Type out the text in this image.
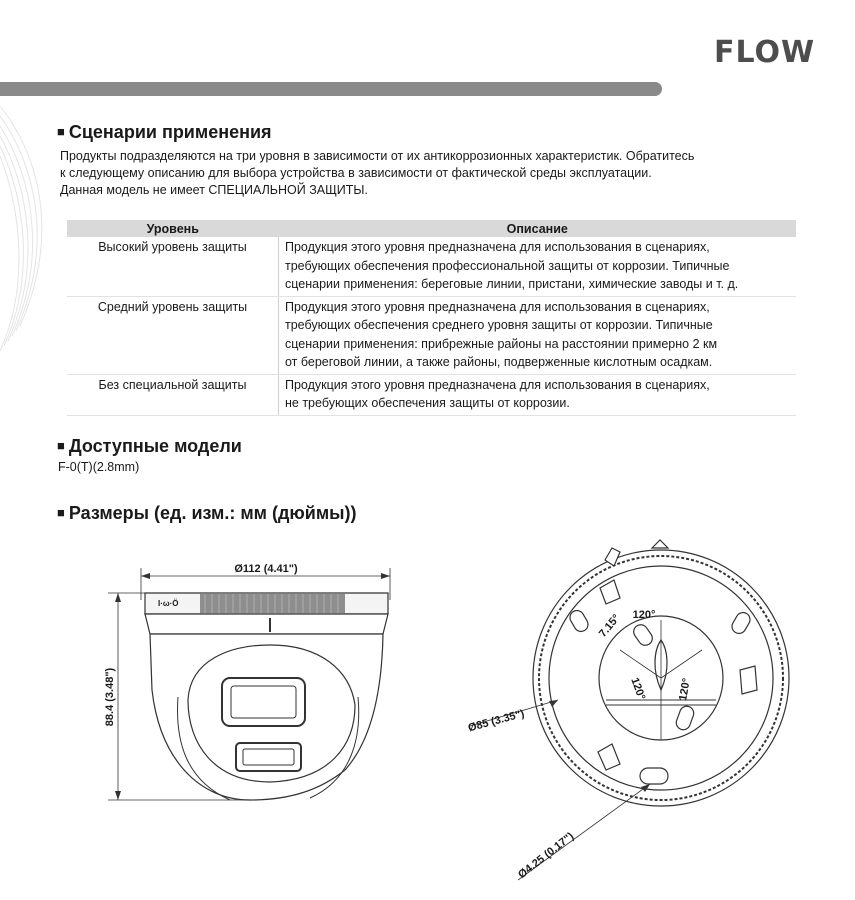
FLOW
■ Сценарии применения
Продукты подразделяются на три уровня в зависимости от их антикоррозионных характеристик. Обратитесь
к следующему описанию для выбора устройства в зависимости от фактической среды эксплуатации.
Данная модель не имеет СПЕЦИАЛЬНОЙ ЗАЩИТЫ.
Уровень	Описание
Высокий уровень защиты	Продукция этого уровня предназначена для использования в сценариях,
требующих обеспечения профессиональной защиты от коррозии. Типичные
сценарии применения: береговые линии, пристани, химические заводы и т. д.

Средний уровень защиты	Продукция этого уровня предназначена для использования в сценариях,
требующих обеспечения среднего уровня защиты от коррозии. Типичные
сценарии применения: прибрежные районы на расстоянии примерно 2 км
от береговой линии, а также районы, подверженные кислотным осадкам.

Без специальной защиты	Продукция этого уровня предназначена для использования в сценариях,
не требующих обеспечения защиты от коррозии.
■ Доступные модели
F-0(T)(2.8mm)
■ Размеры (ед. изм.: мм (дюймы))
Ø112 (4.41")
88.4 (3.48")
I·ω·Ö
Ø85 (3.35")
Ø4.25 (0.17")
7.15° 120°
120°	120°
